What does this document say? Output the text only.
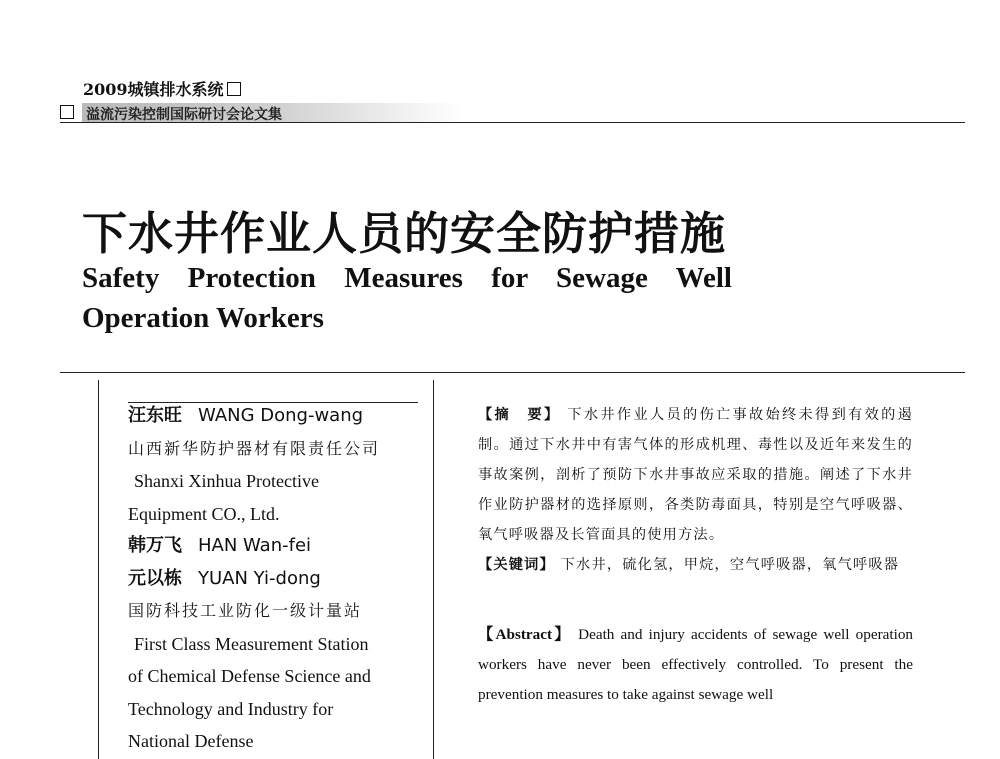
2009城镇排水系统
溢流污染控制国际研讨会论文集
下水井作业人员的安全防护措施
Safety Protection Measures for Sewage Well Operation Workers
汪东旺 WANG Dong-wang
山西新华防护器材有限责任公司
Shanxi Xinhua Protective
Equipment CO., Ltd.
韩万飞 HAN Wan-fei
元以栋 YUAN Yi-dong
国防科技工业防化一级计量站
First Class Measurement Station
of Chemical Defense Science and
Technology and Industry for
National Defense
【摘　要】 下水井作业人员的伤亡事故始终未得到有效的遏制。通过下水井中有害气体的形成机理、毒性以及近年来发生的事故案例，剖析了预防下水井事故应采取的措施。阐述了下水井作业防护器材的选择原则，各类防毒面具，特别是空气呼吸器、氧气呼吸器及长管面具的使用方法。
【关键词】 下水井，硫化氢，甲烷，空气呼吸器，氧气呼吸器
【Abstract】 Death and injury accidents of sewage well operation workers have never been effectively controlled. To present the prevention measures to take against sewage well
